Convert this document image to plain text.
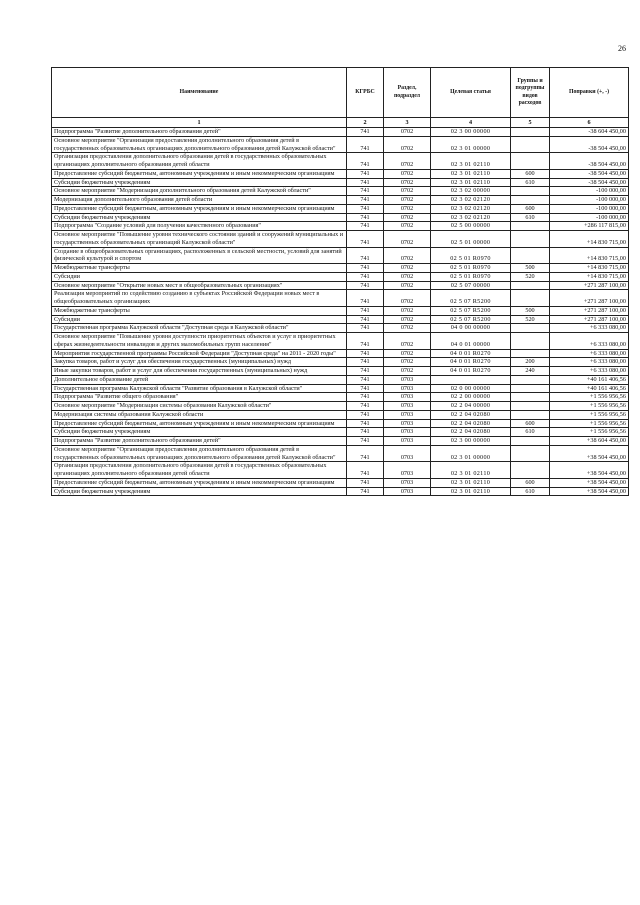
26
Наименование	КГРБС	Раздел, подраздел	Целевая статья	Группы и подгруппы видов расходов	Поправки (+, -)
1	2	3	4	5	6
Подпрограмма "Развитие дополнительного образования детей"	741	0702	02 3 00 00000		-38 604 450,00
Основное мероприятие "Организация предоставления дополнительного образования детей в государственных образовательных организациях дополнительного образования детей Калужской области"	741	0702	02 3 01 00000		-38 504 450,00
Организация предоставления дополнительного образования детей в государственных образовательных организациях дополнительного образования детей области	741	0702	02 3 01 02110		-38 504 450,00
Предоставление субсидий бюджетным, автономным учреждениям и иным некоммерческим организациям	741	0702	02 3 01 02110	600	-38 504 450,00
Субсидии бюджетным учреждениям	741	0702	02 3 01 02110	610	-38 504 450,00
Основное мероприятие "Модернизация дополнительного образования детей Калужской области"	741	0702	02 3 02 00000		-100 000,00
Модернизация дополнительного образования детей области	741	0702	02 3 02 02120		-100 000,00
Предоставление субсидий бюджетным, автономным учреждениям и иным некоммерческим организациям	741	0702	02 3 02 02120	600	-100 000,00
Субсидии бюджетным учреждениям	741	0702	02 3 02 02120	610	-100 000,00
Подпрограмма "Создание условий для получения качественного образования"	741	0702	02 5 00 00000		+286 117 815,00
Основное мероприятие "Повышение уровня технического состояния зданий и сооружений муниципальных и государственных образовательных организаций Калужской области"	741	0702	02 5 01 00000		+14 830 715,00
Создание в общеобразовательных организациях, расположенных в сельской местности, условий для занятий физической культурой и спортом	741	0702	02 5 01 R0970		+14 830 715,00
Межбюджетные трансферты	741	0702	02 5 01 R0970	500	+14 830 715,00
Субсидии	741	0702	02 5 01 R0970	520	+14 830 715,00
Основное мероприятие "Открытие новых мест в общеобразовательных организациях"	741	0702	02 5 07 00000		+271 287 100,00
Реализация мероприятий по содействию созданию в субъектах Российской Федерации новых мест в общеобразовательных организациях	741	0702	02 5 07 R5200		+271 287 100,00
Межбюджетные трансферты	741	0702	02 5 07 R5200	500	+271 287 100,00
Субсидии	741	0702	02 5 07 R5200	520	+271 287 100,00
Государственная программа Калужской области "Доступная среда в Калужской области"	741	0702	04 0 00 00000		+6 333 080,00
Основное мероприятие "Повышение уровня доступности приоритетных объектов и услуг в приоритетных сферах жизнедеятельности инвалидов и других маломобильных групп населения"	741	0702	04 0 01 00000		+6 333 080,00
Мероприятия государственной программы Российской Федерации "Доступная среда" на 2011 - 2020 годы"	741	0702	04 0 01 R0270		+6 333 080,00
Закупка товаров, работ и услуг для обеспечения государственных (муниципальных) нужд	741	0702	04 0 01 R0270	200	+6 333 080,00
Иные закупки товаров, работ и услуг для обеспечения государственных (муниципальных) нужд	741	0702	04 0 01 R0270	240	+6 333 080,00
Дополнительное образование детей	741	0703			+40 161 406,56
Государственная программа Калужской области "Развитие образования в Калужской области"	741	0703	02 0 00 00000		+40 161 406,56
Подпрограмма "Развитие общего образования"	741	0703	02 2 00 00000		+1 556 956,56
Основное мероприятие "Модернизация системы образования Калужской области"	741	0703	02 2 04 00000		+1 556 956,56
Модернизация системы образования Калужской области	741	0703	02 2 04 02080		+1 556 956,56
Предоставление субсидий бюджетным, автономным учреждениям и иным некоммерческим организациям	741	0703	02 2 04 02080	600	+1 556 956,56
Субсидии бюджетным учреждениям	741	0703	02 2 04 02080	610	+1 556 956,56
Подпрограмма "Развитие дополнительного образования детей"	741	0703	02 3 00 00000		+38 604 450,00
Основное мероприятие "Организация предоставления дополнительного образования детей в государственных образовательных организациях дополнительного образования детей Калужской области"	741	0703	02 3 01 00000		+38 504 450,00
Организация предоставления дополнительного образования детей в государственных образовательных организациях дополнительного образования детей области	741	0703	02 3 01 02110		+38 504 450,00
Предоставление субсидий бюджетным, автономным учреждениям и иным некоммерческим организациям	741	0703	02 3 01 02110	600	+38 504 450,00
Субсидии бюджетным учреждениям	741	0703	02 3 01 02110	610	+38 504 450,00
